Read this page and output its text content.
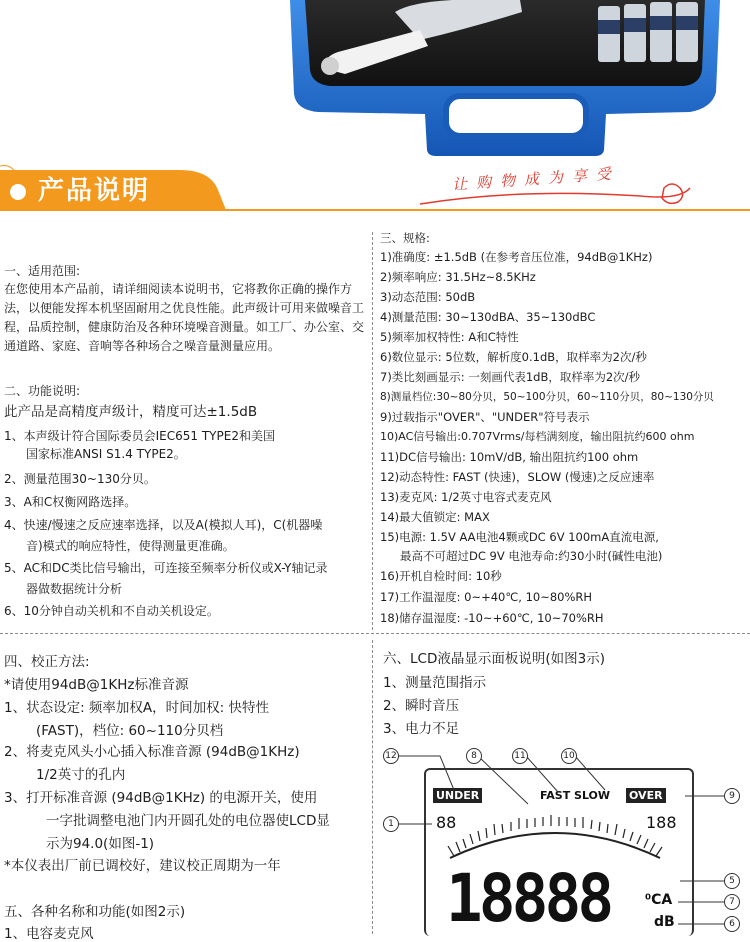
产品说明	让购物成为享受
一、适用范围:
在您使用本产品前，请详细阅读本说明书，它将教你正确的操作方法，以便能发挥本机坚固耐用之优良性能。此声级计可用来做噪音工程，品质控制，健康防治及各种环境噪音测量。如工厂、办公室、交通道路、家庭、音响等各种场合之噪音量测量应用。
二、功能说明:
此产品是高精度声级计，精度可达±1.5dB
1、本声级计符合国际委员会IEC651 TYPE2和美国
国家标准ANSI S1.4 TYPE2。
2、测量范围30~130分贝。
3、A和C权衡网路选择。
4、快速/慢速之反应速率选择，以及A(模拟人耳)，C(机器噪
音)模式的响应特性，使得测量更准确。
5、AC和DC类比信号输出，可连接至频率分析仪或X-Y轴记录
器做数据统计分析
6、10分钟自动关机和不自动关机设定。
三、规格:
1)准确度: ±1.5dB (在参考音压位准，94dB@1KHz)
2)频率响应: 31.5Hz~8.5KHz
3)动态范围: 50dB
4)测量范围: 30~130dBA、35~130dBC
5)频率加权特性: A和C特性
6)数位显示: 5位数，解析度0.1dB，取样率为2次/秒
7)类比刻画显示: 一刻画代表1dB，取样率为2次/秒
8)测量档位:30~80分贝，50~100分贝，60~110分贝，80~130分贝
9)过载指示"OVER"、"UNDER"符号表示
10)AC信号输出:0.707Vrms/每档满刻度，输出阻抗约600 ohm
11)DC信号输出: 10mV/dB, 输出阻抗约100 ohm
12)动态特性: FAST (快速)，SLOW (慢速)之反应速率
13)麦克风: 1/2英寸电容式麦克风
14)最大值锁定: MAX
15)电源: 1.5V AA电池4颗或DC 6V 100mA直流电源,
最高不可超过DC 9V 电池寿命:约30小时(碱性电池)
16)开机自检时间: 10秒
17)工作温湿度: 0~+40℃, 10~80%RH
18)储存温湿度: -10~+60℃, 10~70%RH
四、校正方法:
*请使用94dB@1KHz标准音源
1、状态设定: 频率加权A，时间加权: 快特性
(FAST)，档位: 60~110分贝档
2、将麦克风头小心插入标准音源 (94dB@1KHz)
1/2英寸的孔内
3、打开标准音源 (94dB@1KHz) 的电源开关，使用
一字批调整电池门内开圆孔处的电位器使LCD显
示为94.0(如图-1)
*本仪表出厂前已调校好，建议校正周期为一年
五、各种名称和功能(如图2示)
1、电容麦克风
六、LCD液晶显示面板说明(如图3示)
1、测量范围指示
2、瞬时音压
3、电力不足
UNDER	FAST SLOW OVER
88	188
18888 ⁰CA
dB
12	8	11	10
9
1
5
7
6
